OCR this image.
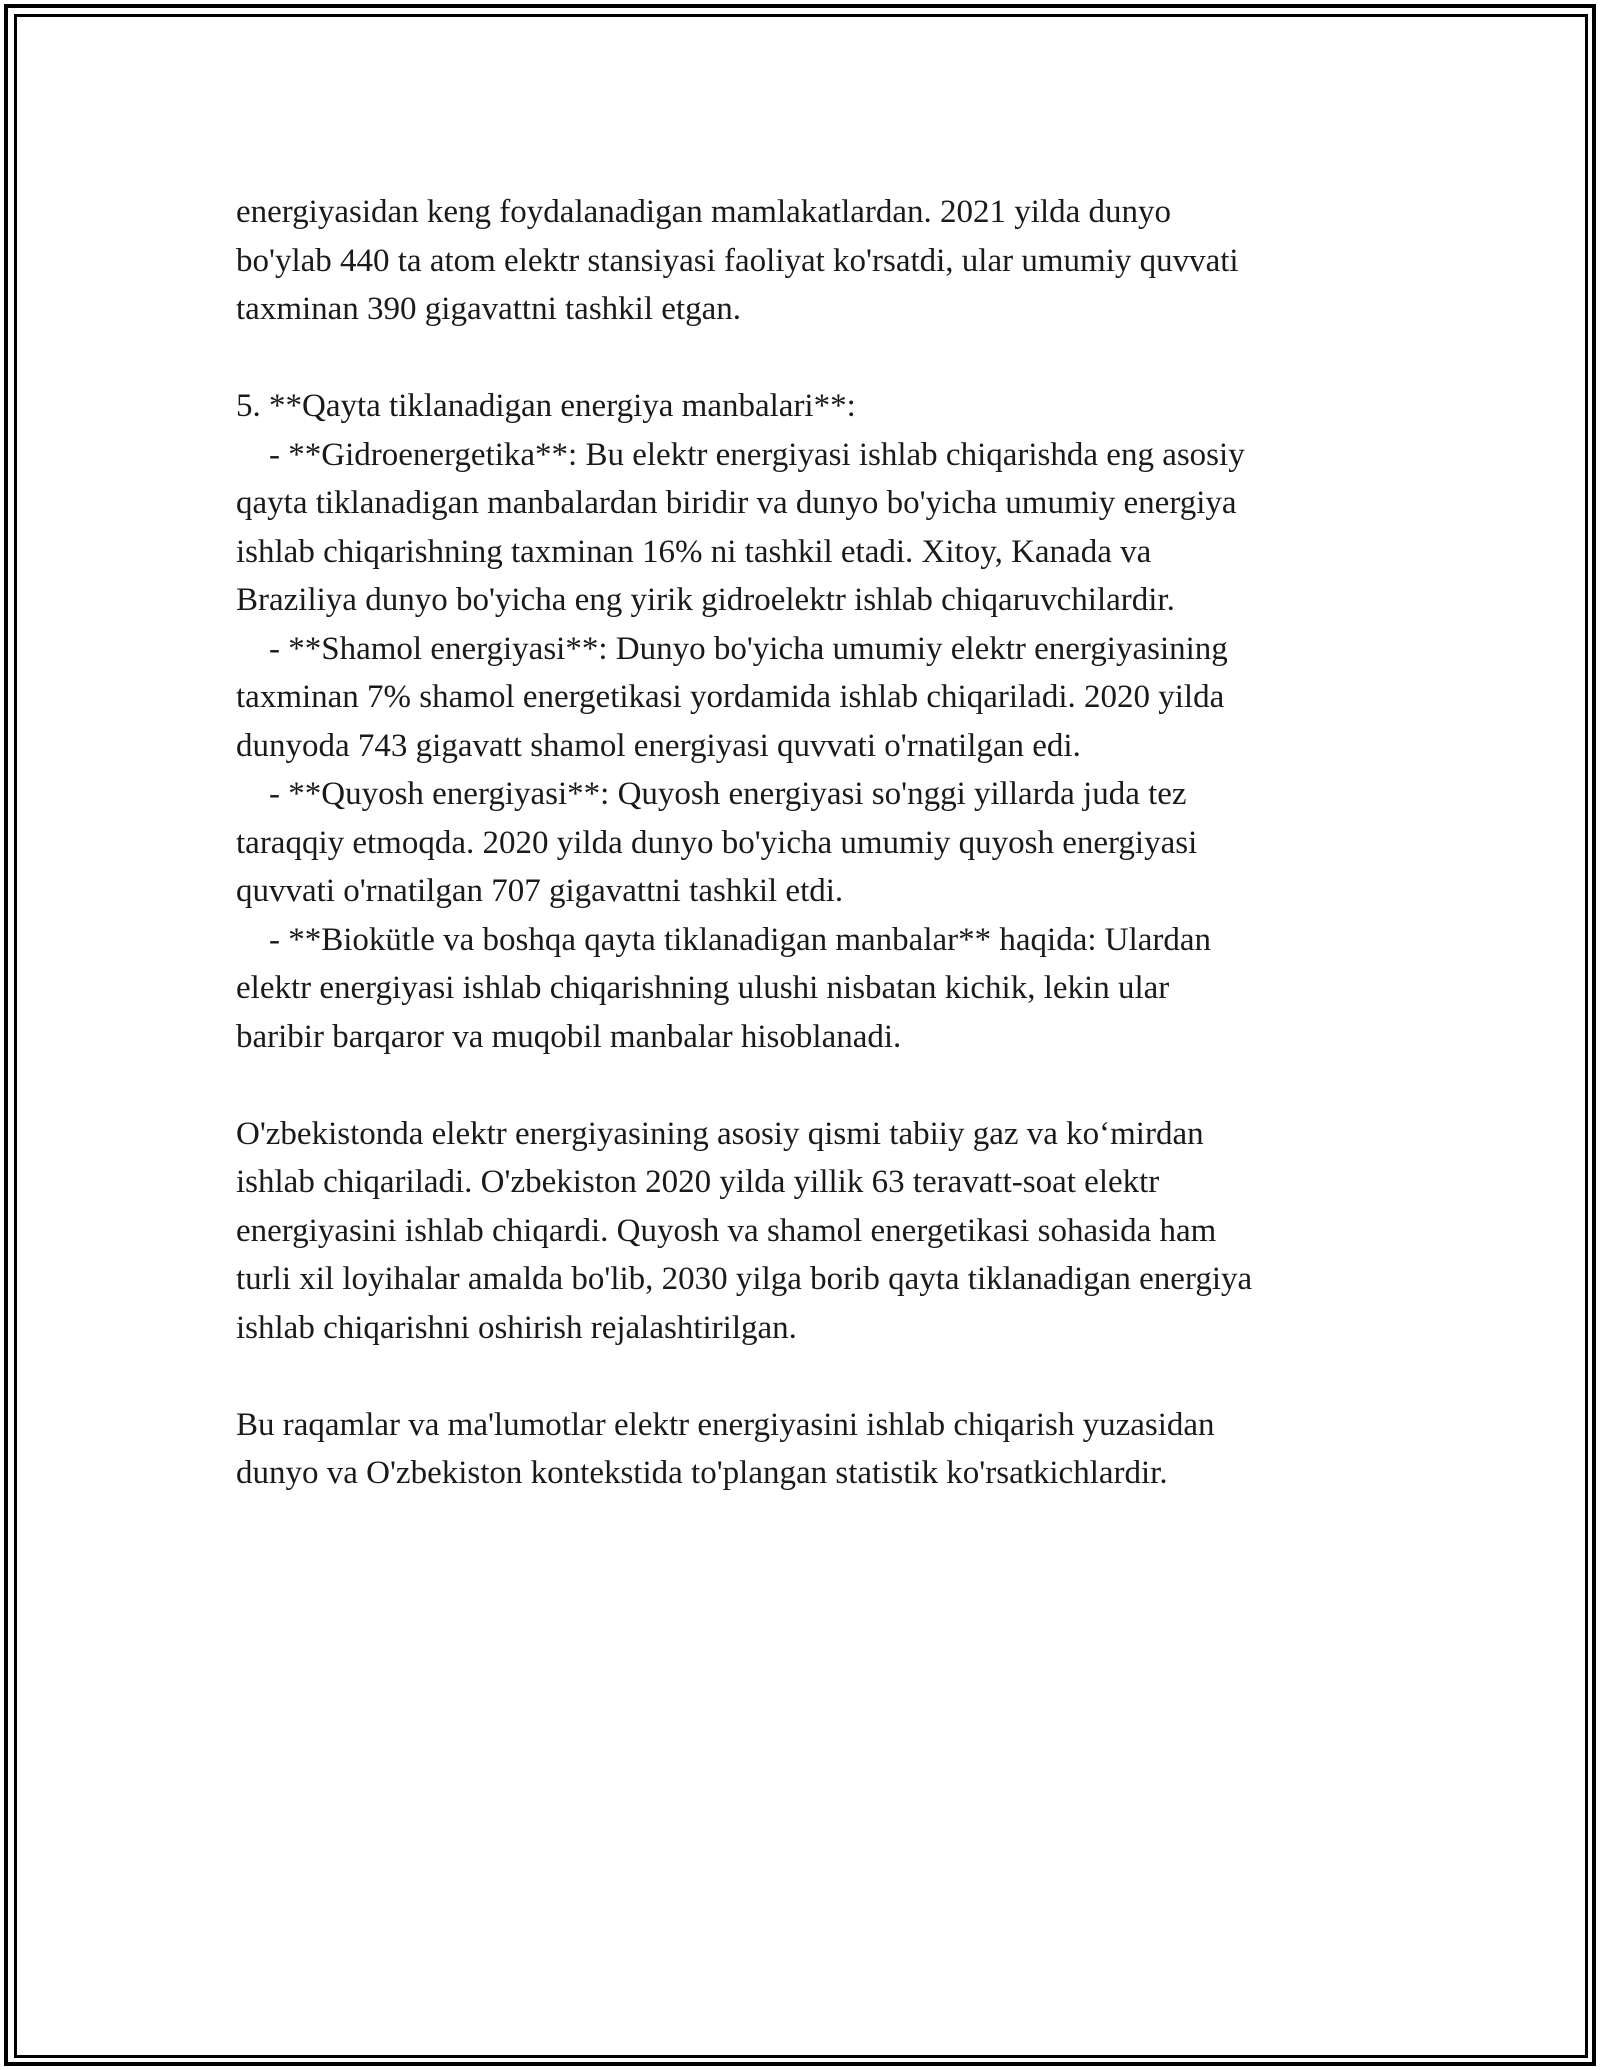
energiyasidan keng foydalanadigan mamlakatlardan. 2021 yilda dunyo
bo'ylab 440 ta atom elektr stansiyasi faoliyat ko'rsatdi, ular umumiy quvvati
taxminan 390 gigavattni tashkil etgan.

5. **Qayta tiklanadigan energiya manbalari**:
- **Gidroenergetika**: Bu elektr energiyasi ishlab chiqarishda eng asosiy
qayta tiklanadigan manbalardan biridir va dunyo bo'yicha umumiy energiya
ishlab chiqarishning taxminan 16% ni tashkil etadi. Xitoy, Kanada va
Braziliya dunyo bo'yicha eng yirik gidroelektr ishlab chiqaruvchilardir.
- **Shamol energiyasi**: Dunyo bo'yicha umumiy elektr energiyasining
taxminan 7% shamol energetikasi yordamida ishlab chiqariladi. 2020 yilda
dunyoda 743 gigavatt shamol energiyasi quvvati o'rnatilgan edi.
- **Quyosh energiyasi**: Quyosh energiyasi so'nggi yillarda juda tez
taraqqiy etmoqda. 2020 yilda dunyo bo'yicha umumiy quyosh energiyasi
quvvati o'rnatilgan 707 gigavattni tashkil etdi.
- **Biokütle va boshqa qayta tiklanadigan manbalar** haqida: Ulardan
elektr energiyasi ishlab chiqarishning ulushi nisbatan kichik, lekin ular
baribir barqaror va muqobil manbalar hisoblanadi.

O'zbekistonda elektr energiyasining asosiy qismi tabiiy gaz va ko‘mirdan
ishlab chiqariladi. O'zbekiston 2020 yilda yillik 63 teravatt-soat elektr
energiyasini ishlab chiqardi. Quyosh va shamol energetikasi sohasida ham
turli xil loyihalar amalda bo'lib, 2030 yilga borib qayta tiklanadigan energiya
ishlab chiqarishni oshirish rejalashtirilgan.

Bu raqamlar va ma'lumotlar elektr energiyasini ishlab chiqarish yuzasidan
dunyo va O'zbekiston kontekstida to'plangan statistik ko'rsatkichlardir.
